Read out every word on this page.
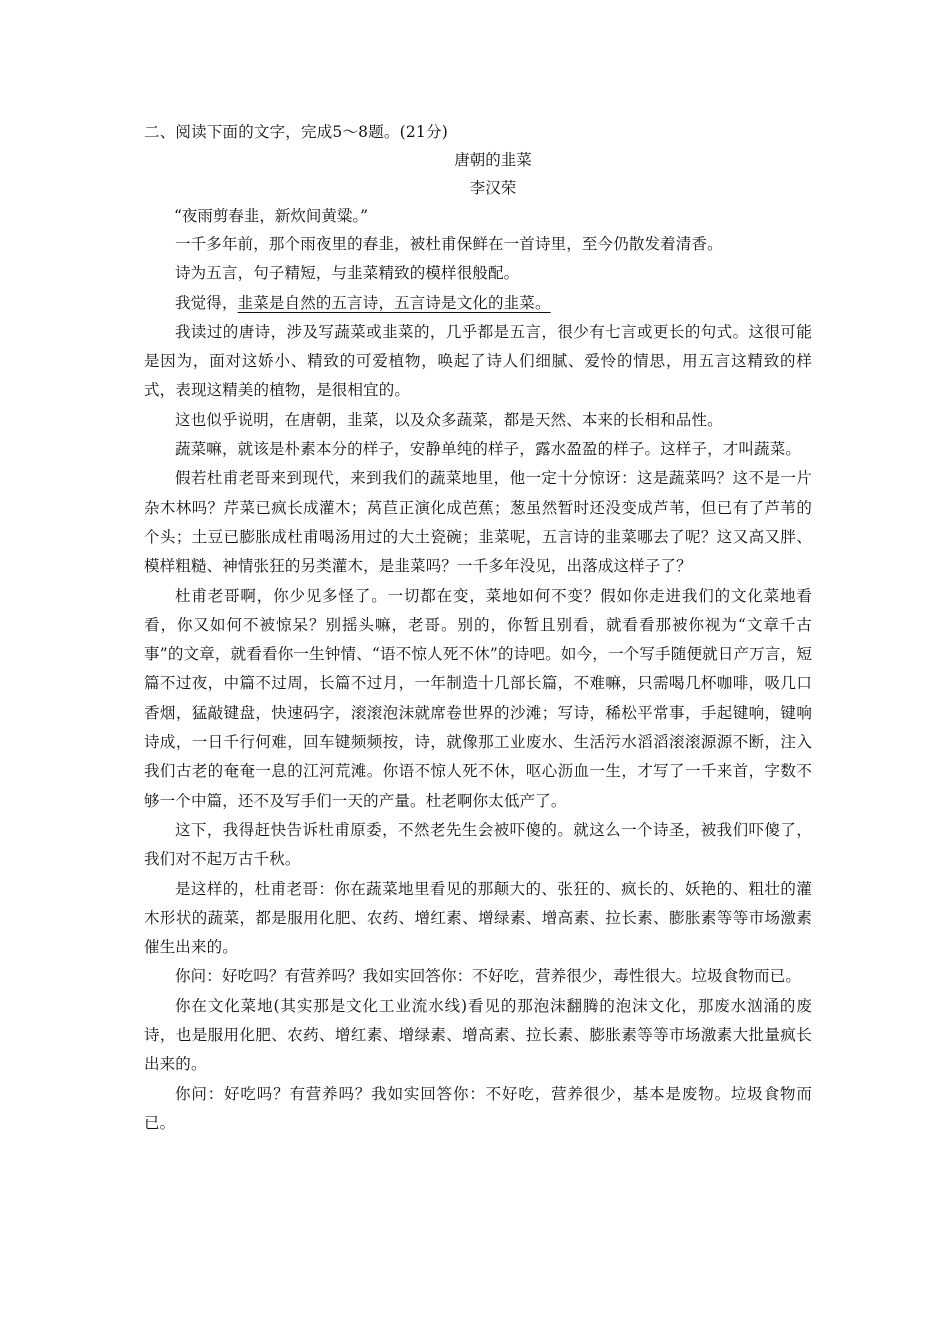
二、阅读下面的文字，完成5～8题。(21分)
唐朝的韭菜
李汉荣
“夜雨剪春韭，新炊间黄粱。”

一千多年前，那个雨夜里的春韭，被杜甫保鲜在一首诗里，至今仍散发着清香。

诗为五言，句子精短，与韭菜精致的模样很般配。

我觉得，韭菜是自然的五言诗，五言诗是文化的韭菜。

我读过的唐诗，涉及写蔬菜或韭菜的，几乎都是五言，很少有七言或更长的句式。这很可能是因为，面对这娇小、精致的可爱植物，唤起了诗人们细腻、爱怜的情思，用五言这精致的样式，表现这精美的植物，是很相宜的。

这也似乎说明，在唐朝，韭菜，以及众多蔬菜，都是天然、本来的长相和品性。

蔬菜嘛，就该是朴素本分的样子，安静单纯的样子，露水盈盈的样子。这样子，才叫蔬菜。

假若杜甫老哥来到现代，来到我们的蔬菜地里，他一定十分惊讶：这是蔬菜吗？这不是一片杂木林吗？芹菜已疯长成灌木；莴苣正演化成芭蕉；葱虽然暂时还没变成芦苇，但已有了芦苇的个头；土豆已膨胀成杜甫喝汤用过的大土瓷碗；韭菜呢，五言诗的韭菜哪去了呢？这又高又胖、模样粗糙、神情张狂的另类灌木，是韭菜吗？一千多年没见，出落成这样子了？

杜甫老哥啊，你少见多怪了。一切都在变，菜地如何不变？假如你走进我们的文化菜地看看，你又如何不被惊呆？别摇头嘛，老哥。别的，你暂且别看，就看看那被你视为“文章千古事”的文章，就看看你一生钟情、“语不惊人死不休”的诗吧。如今，一个写手随便就日产万言，短篇不过夜，中篇不过周，长篇不过月，一年制造十几部长篇，不难嘛，只需喝几杯咖啡，吸几口香烟，猛敲键盘，快速码字，滚滚泡沫就席卷世界的沙滩；写诗，稀松平常事，手起键响，键响诗成，一日千行何难，回车键频频按，诗，就像那工业废水、生活污水滔滔滚滚源源不断，注入我们古老的奄奄一息的江河荒滩。你语不惊人死不休，呕心沥血一生，才写了一千来首，字数不够一个中篇，还不及写手们一天的产量。杜老啊你太低产了。

这下，我得赶快告诉杜甫原委，不然老先生会被吓傻的。就这么一个诗圣，被我们吓傻了，我们对不起万古千秋。

是这样的，杜甫老哥：你在蔬菜地里看见的那颠大的、张狂的、疯长的、妖艳的、粗壮的灌木形状的蔬菜，都是服用化肥、农药、增红素、增绿素、增高素、拉长素、膨胀素等等市场激素催生出来的。

你问：好吃吗？有营养吗？我如实回答你：不好吃，营养很少，毒性很大。垃圾食物而已。

你在文化菜地(其实那是文化工业流水线)看见的那泡沫翻腾的泡沫文化，那废水汹涌的废诗，也是服用化肥、农药、增红素、增绿素、增高素、拉长素、膨胀素等等市场激素大批量疯长出来的。

你问：好吃吗？有营养吗？我如实回答你：不好吃，营养很少，基本是废物。垃圾食物而已。
